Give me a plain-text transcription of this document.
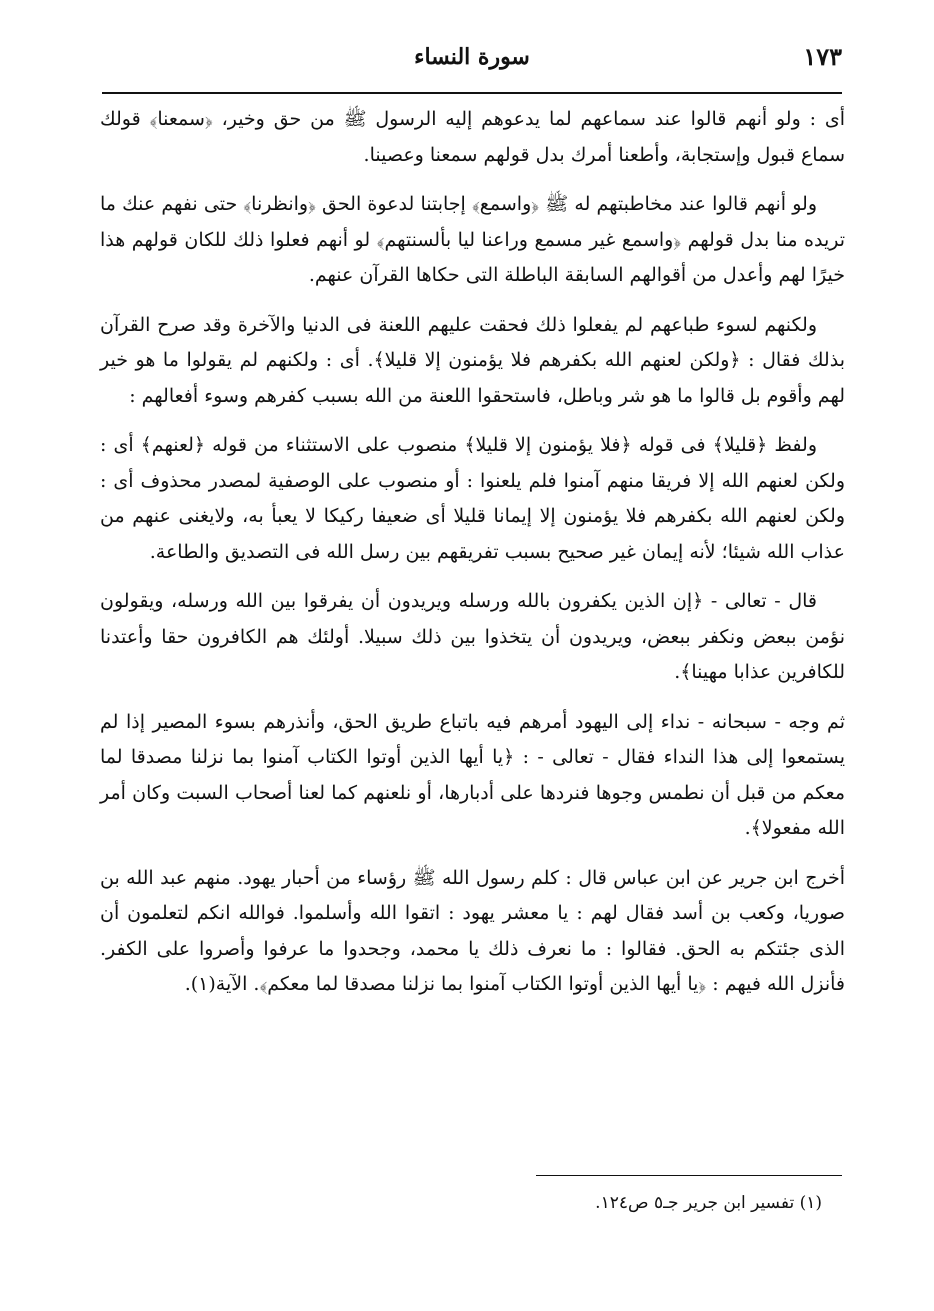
١٧٣
سورة النساء

أى : ولو أنهم قالوا عند سماعهم لما يدعوهم إليه الرسول ﷺ من حق وخير، ﴿سمعنا﴾ قولك سماع قبول وإستجابة، وأطعنا أمرك بدل قولهم سمعنا وعصينا.

ولو أنهم قالوا عند مخاطبتهم له ﷺ ﴿واسمع﴾ إجابتنا لدعوة الحق ﴿وانظرنا﴾ حتى نفهم عنك ما تريده منا بدل قولهم ﴿واسمع غير مسمع وراعنا ليا بألسنتهم﴾ لو أنهم فعلوا ذلك للكان قولهم هذا خيرًا لهم وأعدل من أقوالهم السابقة الباطلة التى حكاها القرآن عنهم.

ولكنهم لسوء طباعهم لم يفعلوا ذلك فحقت عليهم اللعنة فى الدنيا والآخرة وقد صرح القرآن بذلك فقال : ﴿ولكن لعنهم الله بكفرهم فلا يؤمنون إلا قليلا﴾. أى : ولكنهم لم يقولوا ما هو خير لهم وأقوم بل قالوا ما هو شر وباطل، فاستحقوا اللعنة من الله بسبب كفرهم وسوء أفعالهم :

ولفظ ﴿قليلا﴾ فى قوله ﴿فلا يؤمنون إلا قليلا﴾ منصوب على الاستثناء من قوله ﴿لعنهم﴾ أى : ولكن لعنهم الله إلا فريقا منهم آمنوا فلم يلعنوا : أو منصوب على الوصفية لمصدر محذوف أى : ولكن لعنهم الله بكفرهم فلا يؤمنون إلا إيمانا قليلا أى ضعيفا ركيكا لا يعبأ به، ولايغنى عنهم من عذاب الله شيئا؛ لأنه إيمان غير صحيح بسبب تفريقهم بين رسل الله فى التصديق والطاعة.

قال - تعالى - ﴿إن الذين يكفرون بالله ورسله ويريدون أن يفرقوا بين الله ورسله، ويقولون نؤمن ببعض ونكفر ببعض، ويريدون أن يتخذوا بين ذلك سبيلا. أولئك هم الكافرون حقا وأعتدنا للكافرين عذابا مهينا﴾.

ثم وجه - سبحانه - نداء إلى اليهود أمرهم فيه باتباع طريق الحق، وأنذرهم بسوء المصير إذا لم يستمعوا إلى هذا النداء فقال - تعالى - : ﴿يا أيها الذين أوتوا الكتاب آمنوا بما نزلنا مصدقا لما معكم من قبل أن نطمس وجوها فنردها على أدبارها، أو نلعنهم كما لعنا أصحاب السبت وكان أمر الله مفعولا﴾.

أخرج ابن جرير عن ابن عباس قال : كلم رسول الله ﷺ رؤساء من أحبار يهود. منهم عبد الله بن صوريا، وكعب بن أسد فقال لهم : يا معشر يهود : اتقوا الله وأسلموا. فوالله انكم لتعلمون أن الذى جئتكم به الحق. فقالوا : ما نعرف ذلك يا محمد، وجحدوا ما عرفوا وأصروا على الكفر. فأنزل الله فيهم : ﴿يا أيها الذين أوتوا الكتاب آمنوا بما نزلنا مصدقا لما معكم﴾. الآية(١).

(١) تفسير ابن جرير جـ٥ ص١٢٤.
